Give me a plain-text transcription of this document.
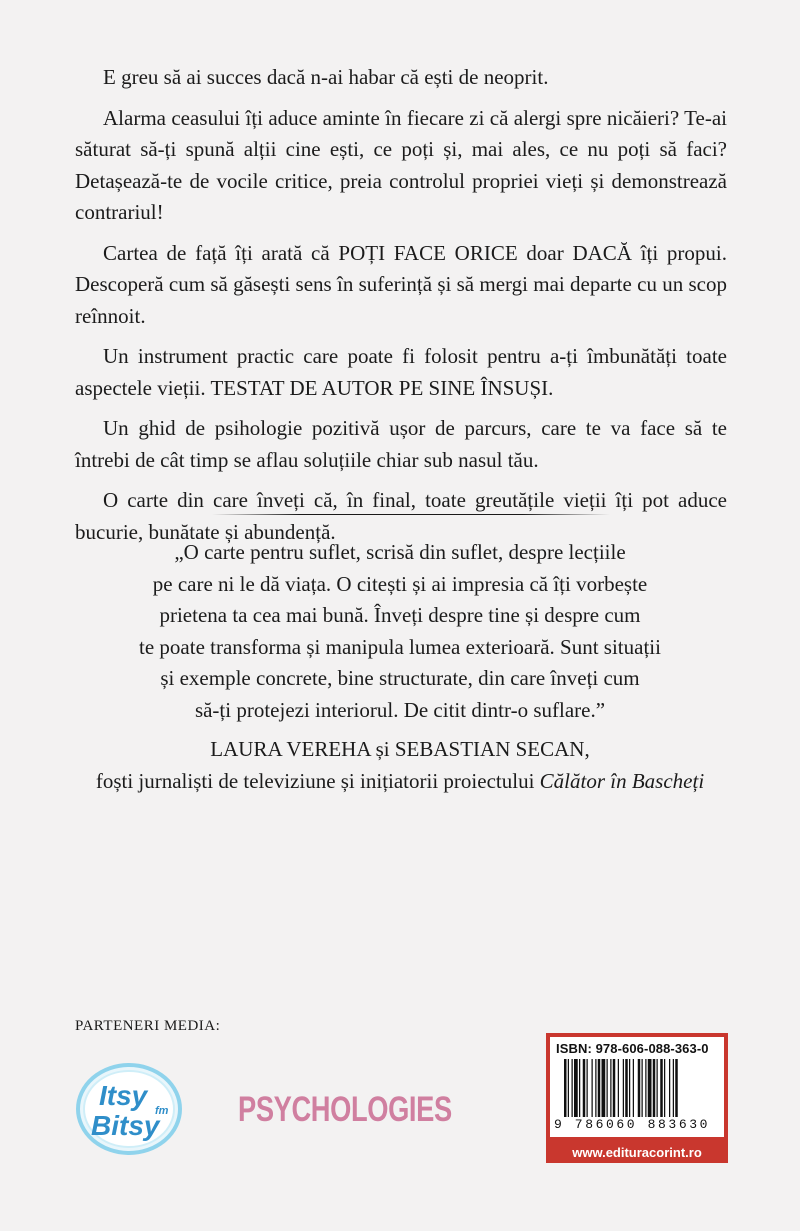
E greu să ai succes dacă n-ai habar că ești de neoprit.

Alarma ceasului îți aduce aminte în fiecare zi că alergi spre nicăieri? Te-ai săturat să-ți spună alții cine ești, ce poți și, mai ales, ce nu poți să faci? Detașează-te de vocile critice, preia controlul propriei vieți și demonstrează contrariul!

Cartea de față îți arată că POȚI FACE ORICE doar DACĂ îți propui. Descoperă cum să găsești sens în suferință și să mergi mai departe cu un scop reînnoit.

Un instrument practic care poate fi folosit pentru a-ți îmbunătăți toate aspectele vieții. TESTAT DE AUTOR PE SINE ÎNSUȘI.

Un ghid de psihologie pozitivă ușor de parcurs, care te va face să te întrebi de cât timp se aflau soluțiile chiar sub nasul tău.

O carte din care înveți că, în final, toate greutățile vieții îți pot aduce bucurie, bunătate și abundență.

„O carte pentru suflet, scrisă din suflet, despre lecțiile
pe care ni le dă viața. O citești și ai impresia că îți vorbește
prietena ta cea mai bună. Înveți despre tine și despre cum
te poate transforma și manipula lumea exterioară. Sunt situații
și exemple concrete, bine structurate, din care înveți cum
să-ți protejezi interiorul. De citit dintr-o suflare.”
LAURA VEREHA și SEBASTIAN SECAN,
foști jurnaliști de televiziune și inițiatorii proiectului Călător în Bascheți
PARTENERI MEDIA:
Itsy fm
Bitsy PSYCHOLOGIES
ISBN: 978-606-088-363-0
9 786060 883630
www.edituracorint.ro
